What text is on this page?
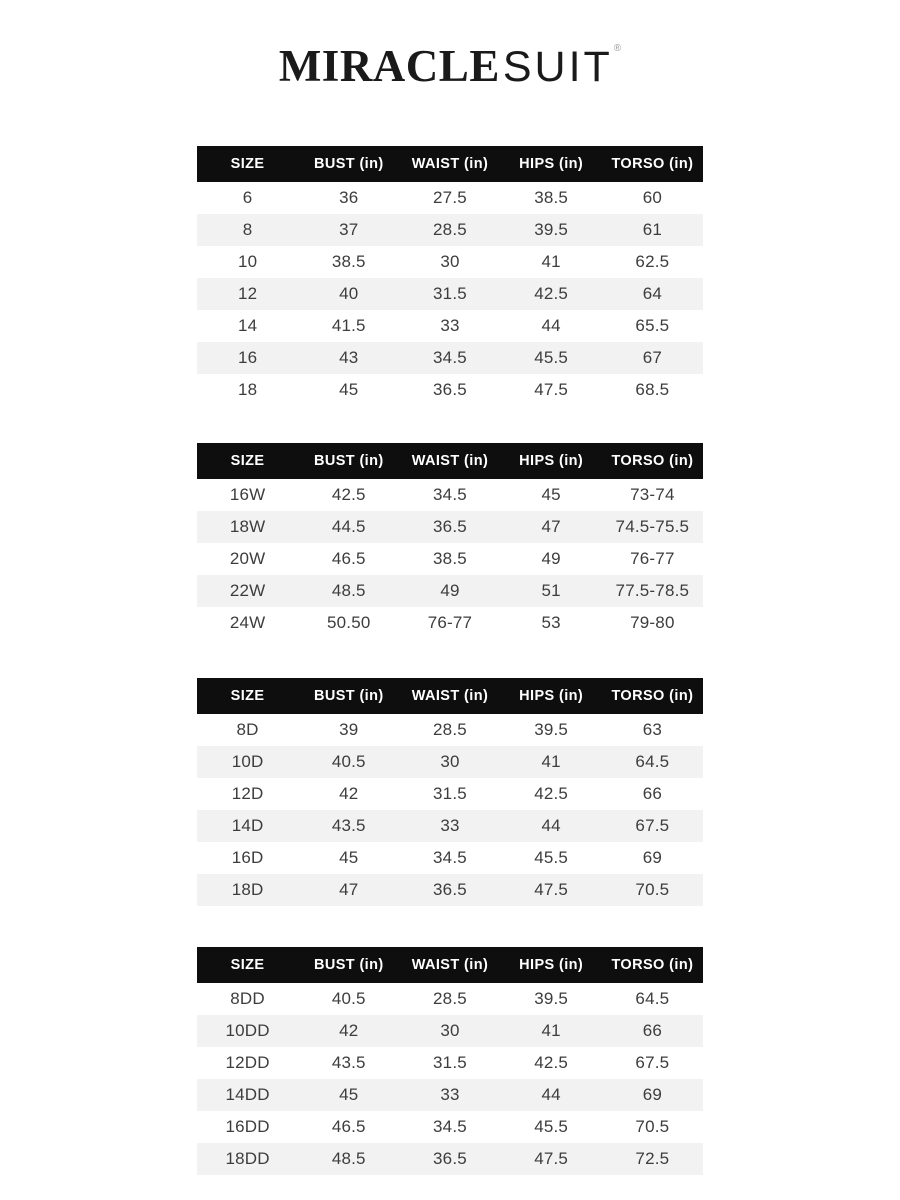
MIRACLESUIT®
SIZE	BUST (in)	WAIST (in)	HIPS (in)	TORSO (in)
6	36	27.5	38.5	60
8	37	28.5	39.5	61
10	38.5	30	41	62.5
12	40	31.5	42.5	64
14	41.5	33	44	65.5
16	43	34.5	45.5	67
18	45	36.5	47.5	68.5
SIZE	BUST (in)	WAIST (in)	HIPS (in)	TORSO (in)
16W	42.5	34.5	45	73-74
18W	44.5	36.5	47	74.5-75.5
20W	46.5	38.5	49	76-77
22W	48.5	49	51	77.5-78.5
24W	50.50	76-77	53	79-80
SIZE	BUST (in)	WAIST (in)	HIPS (in)	TORSO (in)
8D	39	28.5	39.5	63
10D	40.5	30	41	64.5
12D	42	31.5	42.5	66
14D	43.5	33	44	67.5
16D	45	34.5	45.5	69
18D	47	36.5	47.5	70.5
SIZE	BUST (in)	WAIST (in)	HIPS (in)	TORSO (in)
8DD	40.5	28.5	39.5	64.5
10DD	42	30	41	66
12DD	43.5	31.5	42.5	67.5
14DD	45	33	44	69
16DD	46.5	34.5	45.5	70.5
18DD	48.5	36.5	47.5	72.5
